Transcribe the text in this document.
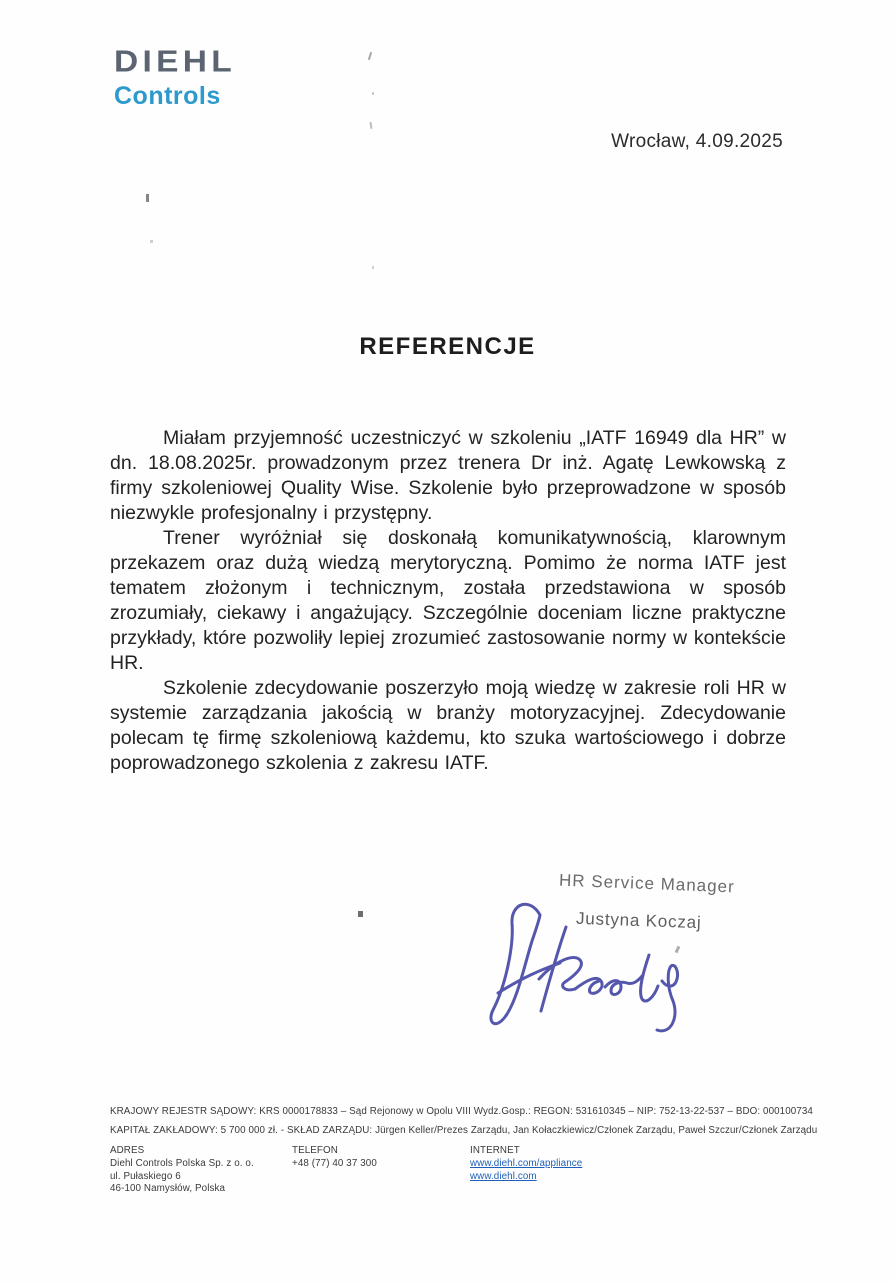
DIEHL
Controls
Wrocław, 4.09.2025
REFERENCJE

Miałam przyjemność uczestniczyć w szkoleniu „IATF 16949 dla HR” w dn. 18.08.2025r. prowadzonym przez trenera Dr inż. Agatę Lewkowską z firmy szkoleniowej Quality Wise. Szkolenie było przeprowadzone w sposób niezwykle profesjonalny i przystępny.

Trener wyróżniał się doskonałą komunikatywnością, klarownym przekazem oraz dużą wiedzą merytoryczną. Pomimo że norma IATF jest tematem złożonym i technicznym, została przedstawiona w sposób zrozumiały, ciekawy i angażujący. Szczególnie doceniam liczne praktyczne przykłady, które pozwoliły lepiej zrozumieć zastosowanie normy w kontekście HR.

Szkolenie zdecydowanie poszerzyło moją wiedzę w zakresie roli HR w systemie zarządzania jakością w branży motoryzacyjnej. Zdecydowanie polecam tę firmę szkoleniową każdemu, kto szuka wartościowego i dobrze poprowadzonego szkolenia z zakresu IATF.

HR Service Manager
Justyna Koczaj
KRAJOWY REJESTR SĄDOWY: KRS 0000178833 – Sąd Rejonowy w Opolu VIII Wydz.Gosp.: REGON: 531610345 – NIP: 752-13-22-537 – BDO: 000100734
KAPITAŁ ZAKŁADOWY: 5 700 000 zł. - SKŁAD ZARZĄDU: Jürgen Keller/Prezes Zarządu, Jan Kołaczkiewicz/Członek Zarządu, Paweł Szczur/Członek Zarządu
ADRES
Diehl Controls Polska Sp. z o. o.
ul. Pułaskiego 6
46-100 Namysłów, Polska
TELEFON
+48 (77) 40 37 300
INTERNET
www.diehl.com/appliance
www.diehl.com
